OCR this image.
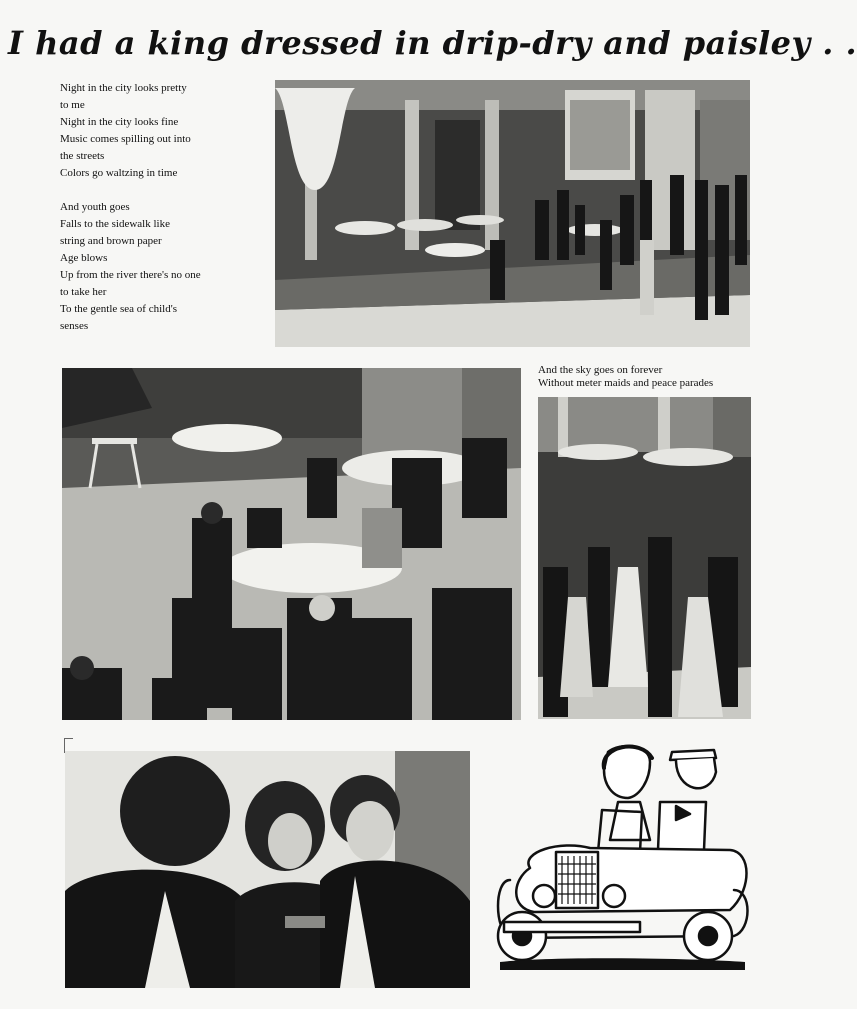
I had a king dressed in drip-dry and paisley . .
Night in the city looks pretty
to me
Night in the city looks fine
Music comes spilling out into
the streets
Colors go waltzing in time
And youth goes
Falls to the sidewalk like
string and brown paper
Age blows
Up from the river there's no one
to take her
To the gentle sea of child's
senses
And the sky goes on forever
Without meter maids and peace parades
